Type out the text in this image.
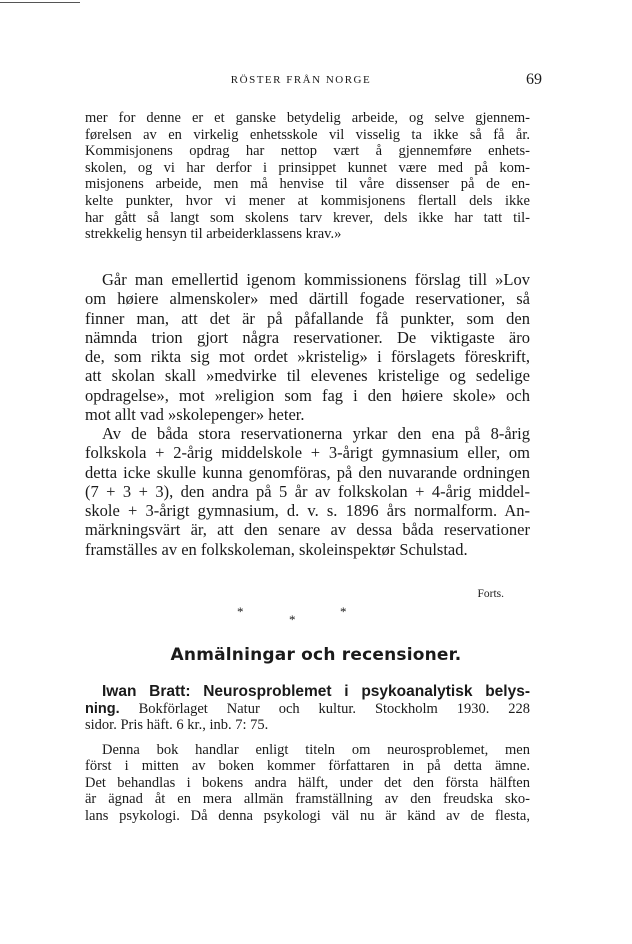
RÖSTER FRÅN NORGE	69
mer for denne er et ganske betydelig arbeide, og selve gjennem-
førelsen av en virkelig enhetsskole vil visselig ta ikke så få år.
Kommisjonens opdrag har nettop vært å gjennemføre enhets-
skolen, og vi har derfor i prinsippet kunnet være med på kom-
misjonens arbeide, men må henvise til våre dissenser på de en-
kelte punkter, hvor vi mener at kommisjonens flertall dels ikke
har gått så langt som skolens tarv krever, dels ikke har tatt til-
strekkelig hensyn til arbeiderklassens krav.»
Går man emellertid igenom kommissionens förslag till »Lov
om høiere almenskoler» med därtill fogade reservationer, så
finner man, att det är på påfallande få punkter, som den
nämnda trion gjort några reservationer. De viktigaste äro
de, som rikta sig mot ordet »kristelig» i förslagets föreskrift,
att skolan skall »medvirke til elevenes kristelige og sedelige
opdragelse», mot »religion som fag i den høiere skole» och
mot allt vad »skolepenger» heter.
Av de båda stora reservationerna yrkar den ena på 8-årig
folkskola + 2-årig middelskole + 3-årigt gymnasium eller, om
detta icke skulle kunna genomföras, på den nuvarande ordningen
(7 + 3 + 3), den andra på 5 år av folkskolan + 4-årig middel-
skole + 3-årigt gymnasium, d. v. s. 1896 års normalform. An-
märkningsvärt är, att den senare av dessa båda reservationer
framställes av en folkskoleman, skoleinspektør Schulstad.
Forts.
*
*
*
Anmälningar och recensioner.
Iwan Bratt: Neurosproblemet i psykoanalytisk belys-
ning. Bokförlaget Natur och kultur. Stockholm 1930. 228
sidor. Pris häft. 6 kr., inb. 7: 75.
Denna bok handlar enligt titeln om neurosproblemet, men
först i mitten av boken kommer författaren in på detta ämne.
Det behandlas i bokens andra hälft, under det den första hälften
är ägnad åt en mera allmän framställning av den freudska sko-
lans psykologi. Då denna psykologi väl nu är känd av de flesta,
